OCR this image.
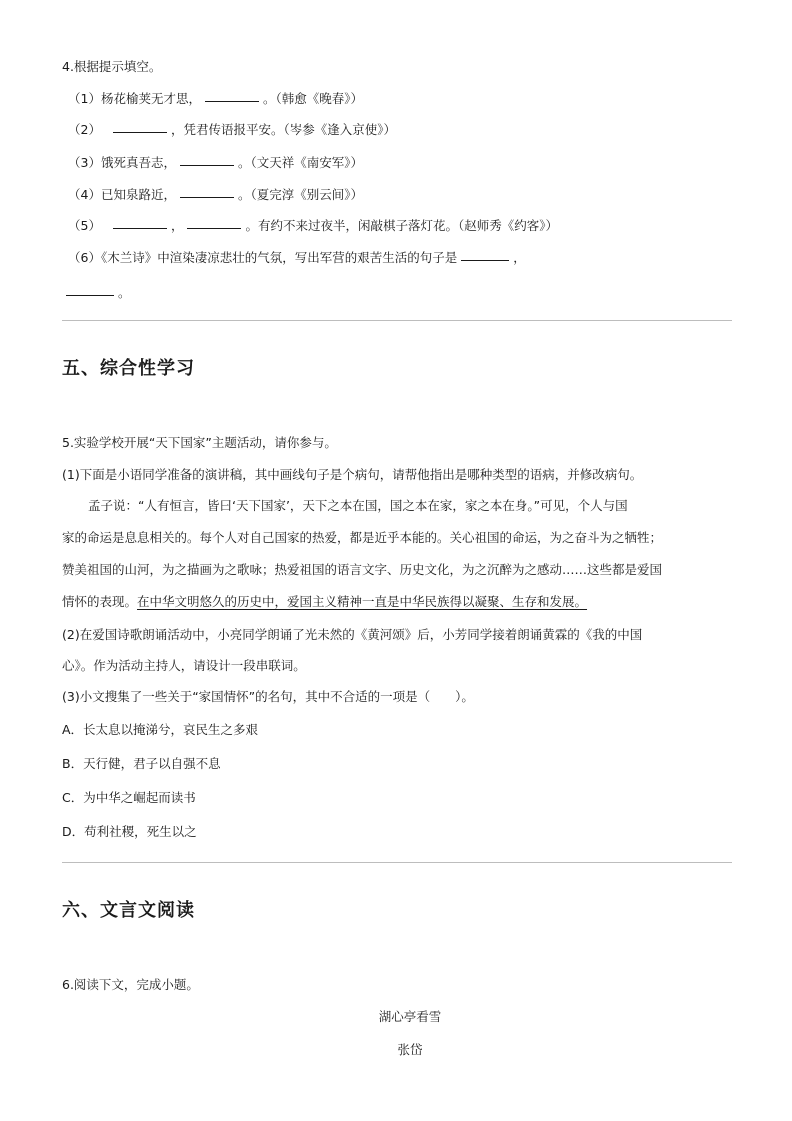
4.根据提示填空。
（1）杨花榆荚无才思，	。（韩愈《晚春》）
（2）	，凭君传语报平安。（岑参《逢入京使》）
（3）饿死真吾志，	。（文天祥《南安军》）
（4）已知泉路近，	。（夏完淳《别云间》）
（5）	，	。有约不来过夜半，闲敲棋子落灯花。（赵师秀《约客》）
（6）《木兰诗》中渲染凄凉悲壮的气氛，写出军营的艰苦生活的句子是	，
。
五、综合性学习
5.实验学校开展“天下国家”主题活动，请你参与。
(1)下面是小语同学准备的演讲稿，其中画线句子是个病句，请帮他指出是哪种类型的语病，并修改病句。
孟子说：“人有恒言，皆曰‘天下国家’，天下之本在国，国之本在家，家之本在身。”可见，个人与国
家的命运是息息相关的。每个人对自己国家的热爱，都是近乎本能的。关心祖国的命运，为之奋斗为之牺牲；
赞美祖国的山河，为之描画为之歌咏；热爱祖国的语言文字、历史文化，为之沉醉为之感动……这些都是爱国
情怀的表现。在中华文明悠久的历史中，爱国主义精神一直是中华民族得以凝聚、生存和发展。
(2)在爱国诗歌朗诵活动中，小亮同学朗诵了光未然的《黄河颂》后，小芳同学接着朗诵黄霖的《我的中国
心》。作为活动主持人，请设计一段串联词。
(3)小文搜集了一些关于“家国情怀”的名句，其中不合适的一项是（　　）。
A．长太息以掩涕兮，哀民生之多艰
B．天行健，君子以自强不息
C．为中华之崛起而读书
D．苟利社稷，死生以之
六、文言文阅读
6.阅读下文，完成小题。
湖心亭看雪
张岱
